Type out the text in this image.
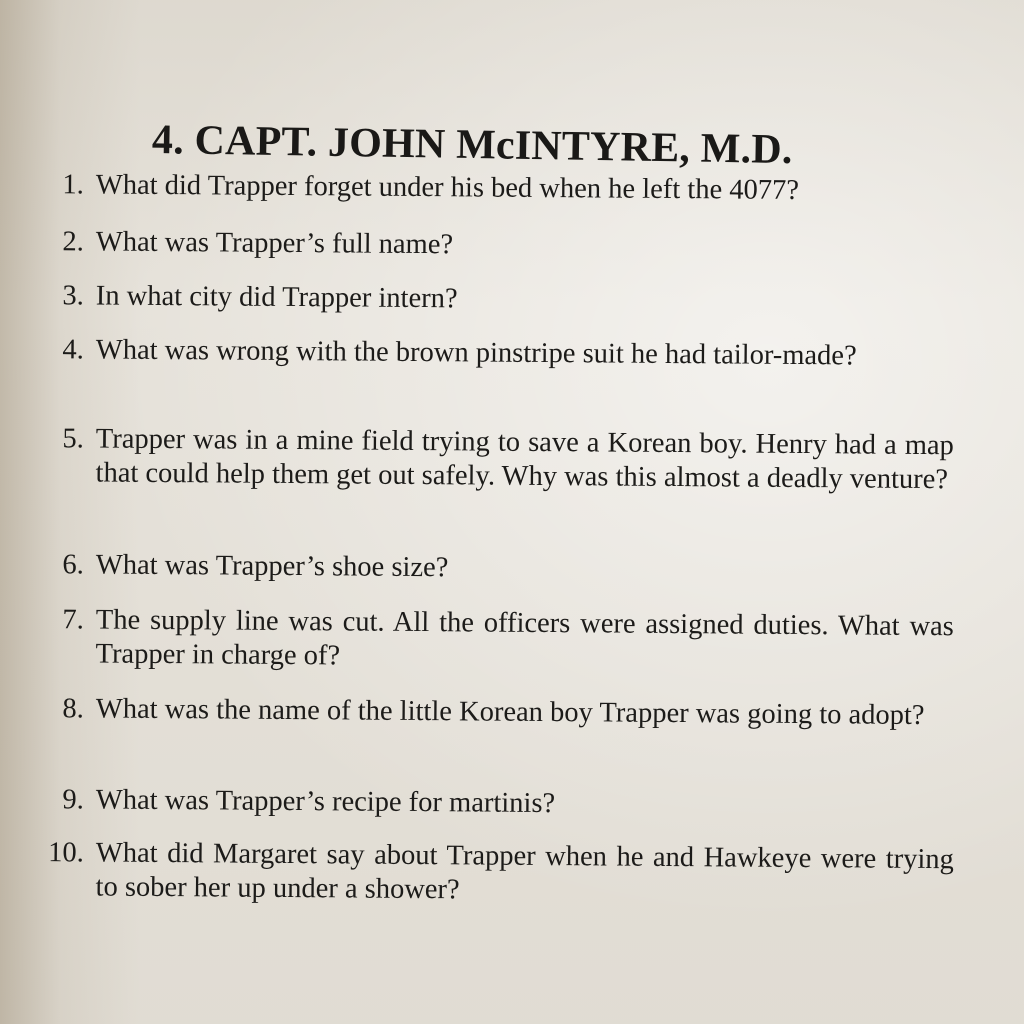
4. CAPT. JOHN McINTYRE, M.D.
1. What did Trapper forget under his bed when he left the 4077?
2. What was Trapper’s full name?
3. In what city did Trapper intern?
4. What was wrong with the brown pinstripe suit he had tailor-made?
5. Trapper was in a mine field trying to save a Korean boy. Henry had a map that could help them get out safely. Why was this almost a deadly venture?
6. What was Trapper’s shoe size?
7. The supply line was cut. All the officers were assigned duties. What was Trapper in charge of?
8. What was the name of the little Korean boy Trapper was going to adopt?
9. What was Trapper’s recipe for martinis?
10. What did Margaret say about Trapper when he and Hawkeye were trying to sober her up under a shower?
